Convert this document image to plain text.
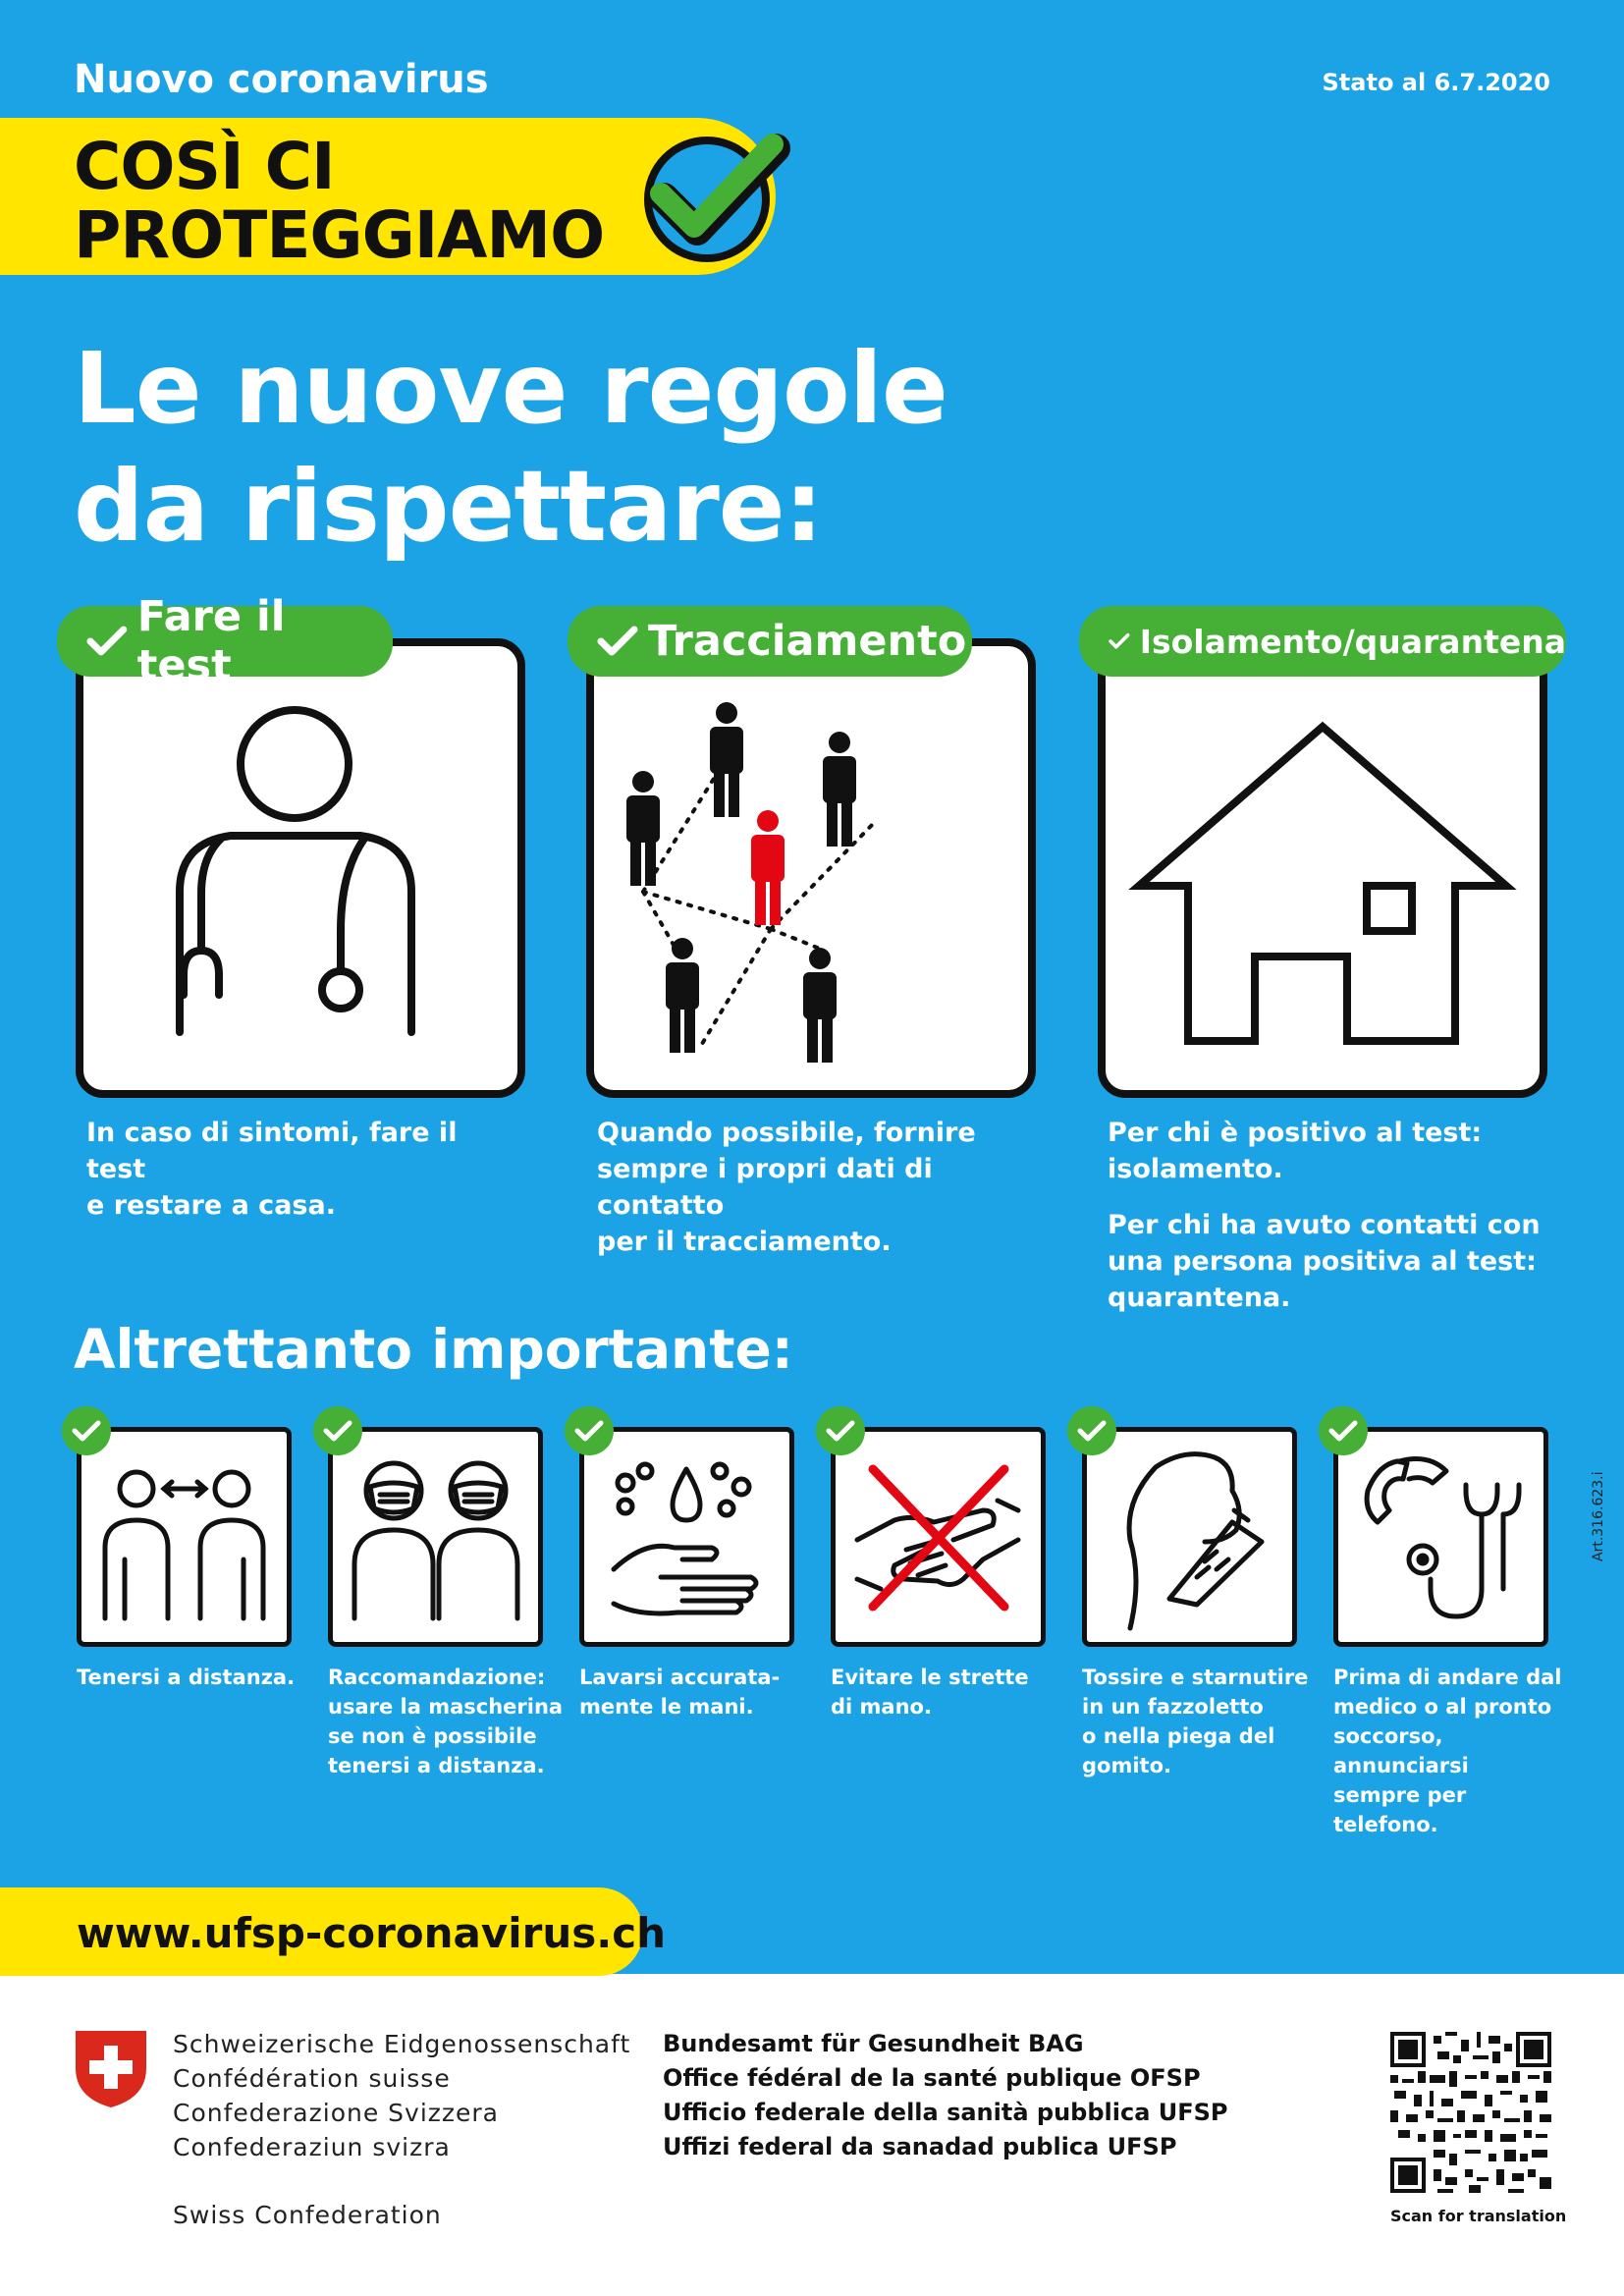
Nuovo coronavirus	Stato al 6.7.2020
COSÌ CI
PROTEGGIAMO
Le nuove regole
da rispettare:
Fare il test
In caso di sintomi, fare il test
e restare a casa.
Tracciamento
Quando possibile, fornire
sempre i propri dati di contatto
per il tracciamento.
Isolamento/quarantena
Per chi è positivo al test:
isolamento.
Per chi ha avuto contatti con
una persona positiva al test:
quarantena.
Altrettanto importante:
Tenersi a distanza.	Raccomandazione:
usare la mascherina
se non è possibile
tenersi a distanza.
Lavarsi accurata-
mente le mani.
Evitare le strette
di mano.
Tossire e starnutire
in un fazzoletto
o nella piega del
gomito.
Prima di andare dal
medico o al pronto
soccorso, annunciarsi
sempre per telefono.
Art.316.623.i
www.ufsp-coronavirus.ch
Schweizerische Eidgenossenschaft
Confédération suisse
Confederazione Svizzera
Confederaziun svizra
Swiss Confederation
Bundesamt für Gesundheit BAG
Office fédéral de la santé publique OFSP
Ufficio federale della sanità pubblica UFSP
Uffizi federal da sanadad publica UFSP
Scan for translation
